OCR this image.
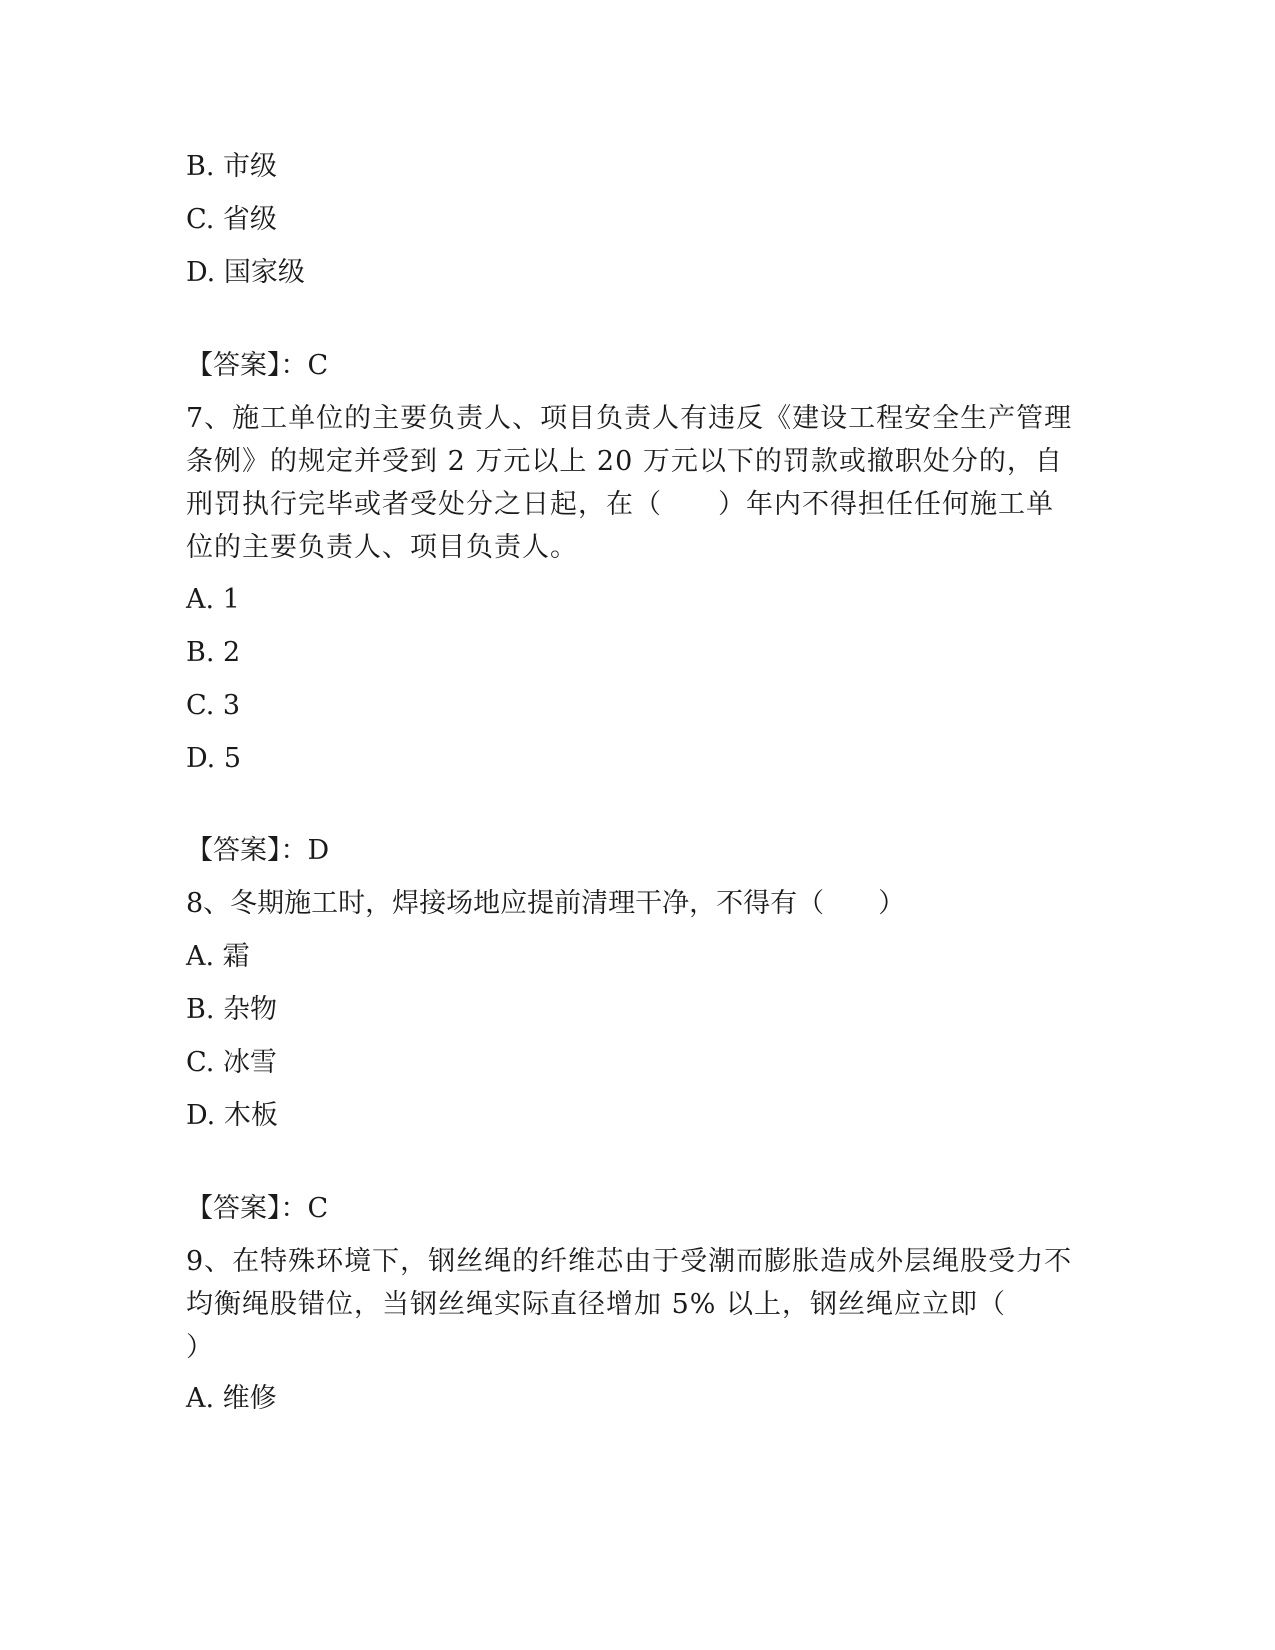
B. 市级
C. 省级
D. 国家级
【答案】：C
7、施工单位的主要负责人、项目负责人有违反《建设工程安全生产管理条例》的规定并受到 2 万元以上 20 万元以下的罚款或撤职处分的，自刑罚执行完毕或者受处分之日起，在（　　）年内不得担任任何施工单位的主要负责人、项目负责人。
A. 1
B. 2
C. 3
D. 5
【答案】：D
8、冬期施工时，焊接场地应提前清理干净，不得有（　　）
A. 霜
B. 杂物
C. 冰雪
D. 木板
【答案】：C
9、在特殊环境下，钢丝绳的纤维芯由于受潮而膨胀造成外层绳股受力不均衡绳股错位，当钢丝绳实际直径增加 5% 以上，钢丝绳应立即（　　）
A. 维修
